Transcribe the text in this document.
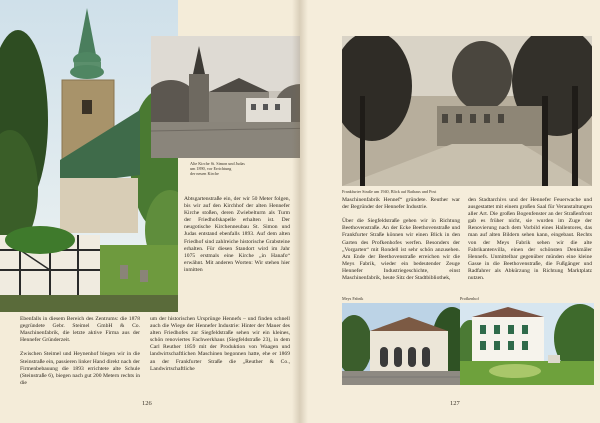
Alte Kirche St. Simon und Judas
um 1890, vor Errichtung
der neuen Kirche
Abtsgartenstraße ein, der wir 50 Meter folgen, bis wir auf den Kirchhof der alten Hennefer Kirche stoßen, deren Zwiebelturm als Turm der Friedhofskapelle erhalten ist. Der neugotische Kirchenneubau St. Simon und Judas entstand ebenfalls 1893. Auf dem alten Friedhof sind zahlreiche historische Grabsteine erhalten. Für diesen Standort wird im Jahr 1075 erstmals eine Kirche „in Hanafo“ erwähnt. Mit anderen Worten: Wir stehen hier inmitten
Ebenfalls in diesem Bereich des Zentrums: die 1878 gegründete Gebr. Steimel GmbH & Co. Maschinenfabrik, die letzte aktive Firma aus der Hennefer Gründerzeit.

Zwischen Steimel und Heynenhof biegen wir in die Steinstraße ein, passieren linker Hand direkt nach der Firmenbebauung die 1893 errichtete alte Schule (Steinstraße 6), biegen nach gut 200 Metern rechts in die
um der historischen Ursprünge Hennefs – und finden schnell auch die Wiege der Hennefer Industrie: Hinter der Mauer des alten Friedhofes zur Siegfeldstraße sehen wir ein kleines, schön renoviertes Fachwerkhaus (Siegfeldstraße 23), in dem Carl Reuther 1859 mit der Produktion von Waagen und landwirtschaftlichen Maschinen begonnen hatte, ehe er 1869 an der Frankfurter Straße die „Reuther & Co., Landwirtschaftliche
126
Frankfurter Straße um 1940, Blick auf Rathaus und Post
Maschinenfabrik Hennef“ gründete. Reuther war der Begründer der Hennefer Industrie.

Über die Siegfeldstraße gehen wir in Richtung Beethovenstraße. An der Ecke Beethovenstraße und Frankfurter Straße können wir einen Blick in den Garten des Profkenhofes werfen. Besonders der „Vorgarten“ mit Rondell ist sehr schön anzusehen. Am Ende der Beethovenstraße erreichen wir die Meys Fabrik, wieder ein bedeutender Zeuge Hennefer Industriegeschichte, einst Maschinenfabrik, heute Sitz der Stadtbibliothek,
den Stadtarchivs und der Hennefer Feuerwache und ausgestattet mit einem großen Saal für Veranstaltungen aller Art. Die großen Bogenfenster an der Straßenfront gab es früher nicht, sie wurden im Zuge der Renovierung nach dem Vorbild eines Hallentores, das man auf alten Bildern sehen kann, eingebaut. Rechts von der Meys Fabrik sehen wir die alte Fabrikantenvilla, einen der schönsten Denkmäler Hennefs. Unmittelbar gegenüber münden eine kleine Gasse in die Beethovenstraße, die Fußgänger und Radfahrer als Abkürzung in Richtung Marktplatz nutzen.
Meys Fabrik	Profkenhof
127
